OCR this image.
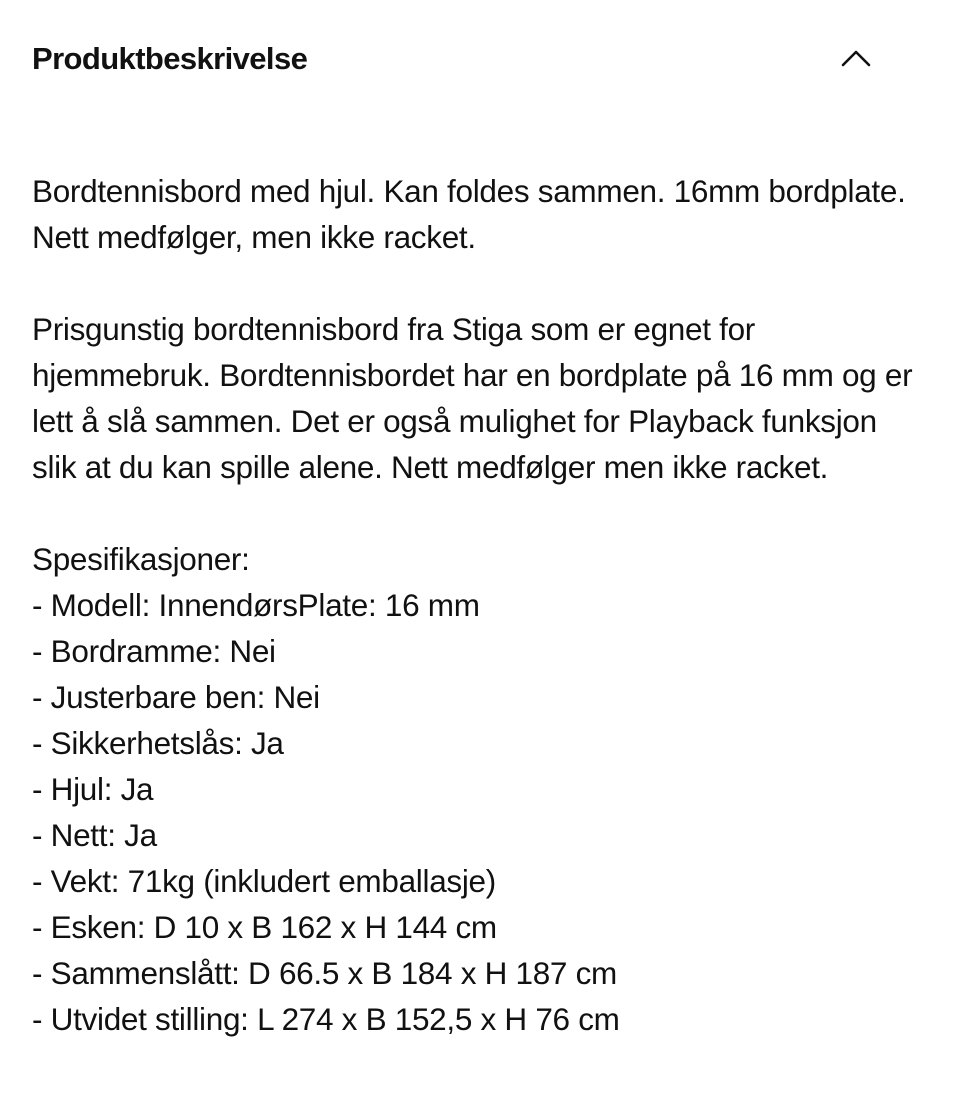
Produktbeskrivelse

Bordtennisbord med hjul. Kan foldes sammen. 16mm bordplate. Nett medfølger, men ikke racket.

Prisgunstig bordtennisbord fra Stiga som er egnet for hjemmebruk. Bordtennisbordet har en bordplate på 16 mm og er lett å slå sammen. Det er også mulighet for Playback funksjon slik at du kan spille alene. Nett medfølger men ikke racket.

Spesifikasjoner:
- Modell: InnendørsPlate: 16 mm
- Bordramme: Nei
- Justerbare ben: Nei
- Sikkerhetslås: Ja
- Hjul: Ja
- Nett: Ja
- Vekt: 71kg (inkludert emballasje)
- Esken: D 10 x B 162 x H 144 cm
- Sammenslått: D 66.5 x B 184 x H 187 cm
- Utvidet stilling: L 274 x B 152,5 x H 76 cm
